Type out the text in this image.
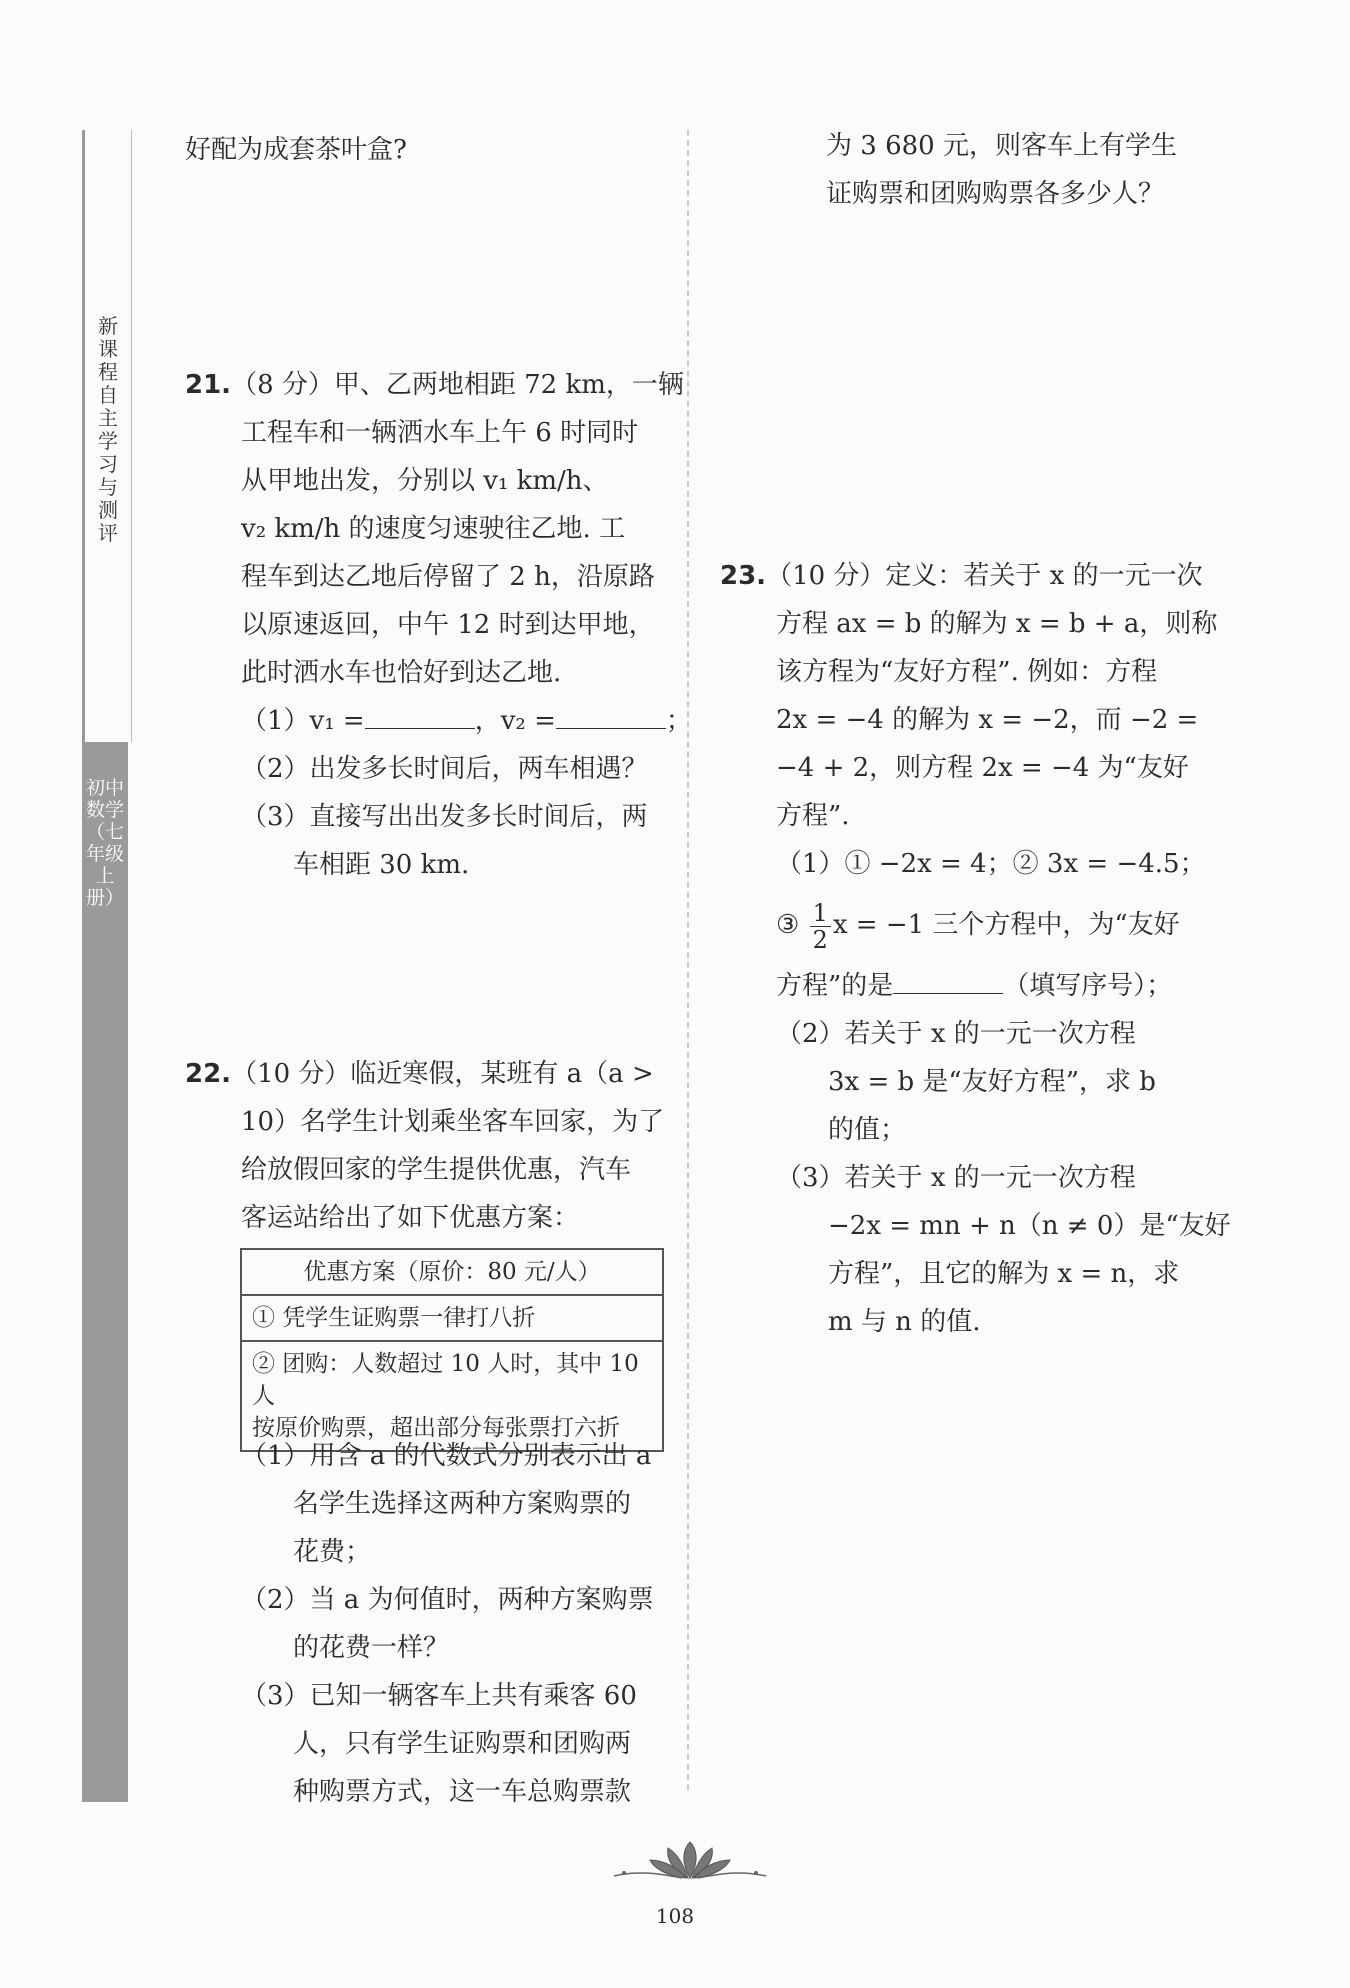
新课程自主学习与测评
初中数学（七年级上册）
好配为成套茶叶盒?
21.（8 分）甲、乙两地相距 72 km，一辆
工程车和一辆洒水车上午 6 时同时
从甲地出发，分别以 v₁ km/h、
v₂ km/h 的速度匀速驶往乙地. 工
程车到达乙地后停留了 2 h，沿原路
以原速返回，中午 12 时到达甲地，
此时洒水车也恰好到达乙地.
（1）v₁ =	，v₂ =	；
（2）出发多长时间后，两车相遇？
（3）直接写出出发多长时间后，两
车相距 30 km.
22.（10 分）临近寒假，某班有 a（a >
10）名学生计划乘坐客车回家，为了
给放假回家的学生提供优惠，汽车
客运站给出了如下优惠方案：
优惠方案（原价：80 元/人）
① 凭学生证购票一律打八折
② 团购：人数超过 10 人时，其中 10 人
按原价购票，超出部分每张票打六折
（1）用含 a 的代数式分别表示出 a
名学生选择这两种方案购票的
花费；
（2）当 a 为何值时，两种方案购票
的花费一样？
（3）已知一辆客车上共有乘客 60
人，只有学生证购票和团购两
种购票方式，这一车总购票款
为 3 680 元，则客车上有学生
证购票和团购购票各多少人？
23.（10 分）定义：若关于 x 的一元一次
方程 ax = b 的解为 x = b + a，则称
该方程为“友好方程”. 例如：方程
2x = −4 的解为 x = −2，而 −2 =
−4 + 2，则方程 2x = −4 为“友好
方程”.
（1）① −2x = 4；② 3x = −4.5；
③ $\frac{1}{2}$ x = −1 三个方程中，为“友好
方程”的是	（填写序号）；
（2）若关于 x 的一元一次方程
3x = b 是“友好方程”，求 b
的值；
（3）若关于 x 的一元一次方程
−2x = mn + n（n ≠ 0）是“友好
方程”，且它的解为 x = n，求
m 与 n 的值.
108
